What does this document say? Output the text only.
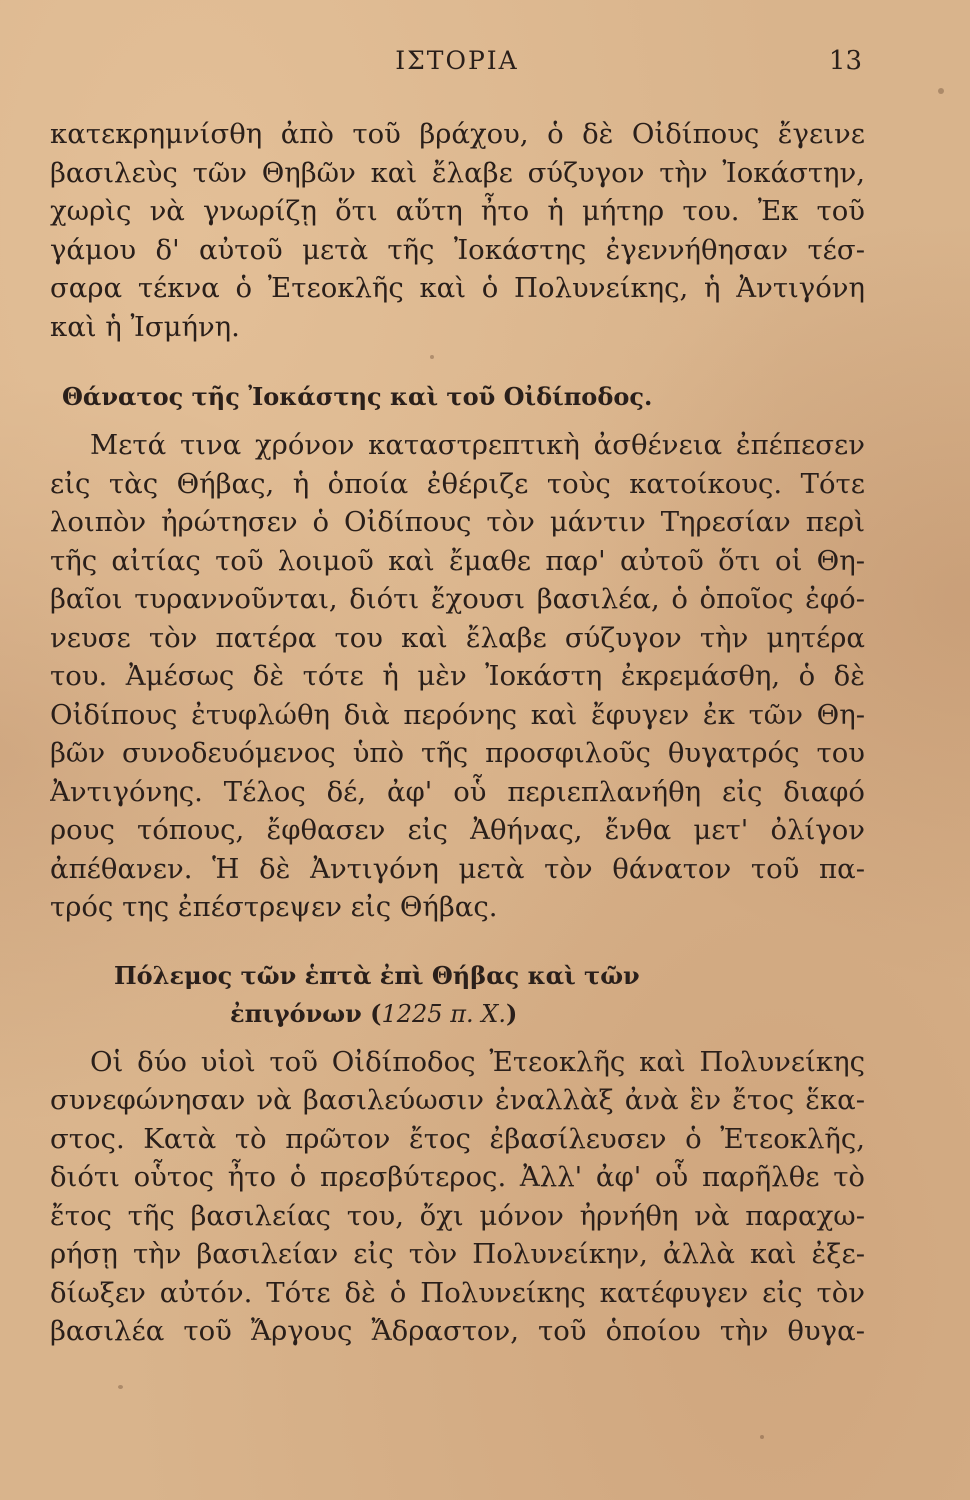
ΙΣΤΟΡΙΑ	13
κατεκρημνίσθη ἀπὸ τοῦ βράχου, ὁ δὲ Οἰδίπους ἔγεινε
βασιλεὺς τῶν Θηβῶν καὶ ἔλαβε σύζυγον τὴν Ἰοκάστην,
χωρὶς νὰ γνωρίζῃ ὅτι αὕτη ἦτο ἡ μήτηρ του. Ἐκ τοῦ
γάμου δ' αὐτοῦ μετὰ τῆς Ἰοκάστης ἐγεννήθησαν τέσ-
σαρα τέκνα ὁ Ἐτεοκλῆς καὶ ὁ Πολυνείκης, ἡ Ἀντιγόνη
καὶ ἡ Ἰσμήνη.
Θάνατος τῆς Ἰοκάστης καὶ τοῦ Οἰδίποδος.
Μετά τινα χρόνον καταστρεπτικὴ ἀσθένεια ἐπέπεσεν
εἰς τὰς Θήβας, ἡ ὁποία ἐθέριζε τοὺς κατοίκους. Τότε
λοιπὸν ἠρώτησεν ὁ Οἰδίπους τὸν μάντιν Τηρεσίαν περὶ
τῆς αἰτίας τοῦ λοιμοῦ καὶ ἔμαθε παρ' αὐτοῦ ὅτι οἱ Θη-
βαῖοι τυραννοῦνται, διότι ἔχουσι βασιλέα, ὁ ὁποῖος ἐφό-
νευσε τὸν πατέρα του καὶ ἔλαβε σύζυγον τὴν μητέρα
του. Ἀμέσως δὲ τότε ἡ μὲν Ἰοκάστη ἐκρεμάσθη, ὁ δὲ
Οἰδίπους ἐτυφλώθη διὰ περόνης καὶ ἔφυγεν ἐκ τῶν Θη-
βῶν συνοδευόμενος ὑπὸ τῆς προσφιλοῦς θυγατρός του
Ἀντιγόνης. Τέλος δέ, ἀφ' οὗ περιεπλανήθη εἰς διαφό
ρους τόπους, ἔφθασεν εἰς Ἀθήνας, ἔνθα μετ' ὀλίγον
ἀπέθανεν. Ἡ δὲ Ἀντιγόνη μετὰ τὸν θάνατον τοῦ πα-
τρός της ἐπέστρεψεν εἰς Θήβας.
Πόλεμος τῶν ἑπτὰ ἐπὶ Θήβας καὶ τῶν
ἐπιγόνων (1225 π. Χ.)
Οἱ δύο υἱοὶ τοῦ Οἰδίποδος Ἐτεοκλῆς καὶ Πολυνείκης
συνεφώνησαν νὰ βασιλεύωσιν ἐναλλὰξ ἀνὰ ἓν ἔτος ἕκα-
στος. Κατὰ τὸ πρῶτον ἔτος ἐβασίλευσεν ὁ Ἐτεοκλῆς,
διότι οὗτος ἦτο ὁ πρεσβύτερος. Ἀλλ' ἀφ' οὗ παρῆλθε τὸ
ἔτος τῆς βασιλείας του, ὄχι μόνον ἠρνήθη νὰ παραχω-
ρήσῃ τὴν βασιλείαν εἰς τὸν Πολυνείκην, ἀλλὰ καὶ ἐξε-
δίωξεν αὐτόν. Τότε δὲ ὁ Πολυνείκης κατέφυγεν εἰς τὸν
βασιλέα τοῦ Ἄργους Ἄδραστον, τοῦ ὁποίου τὴν θυγα-
